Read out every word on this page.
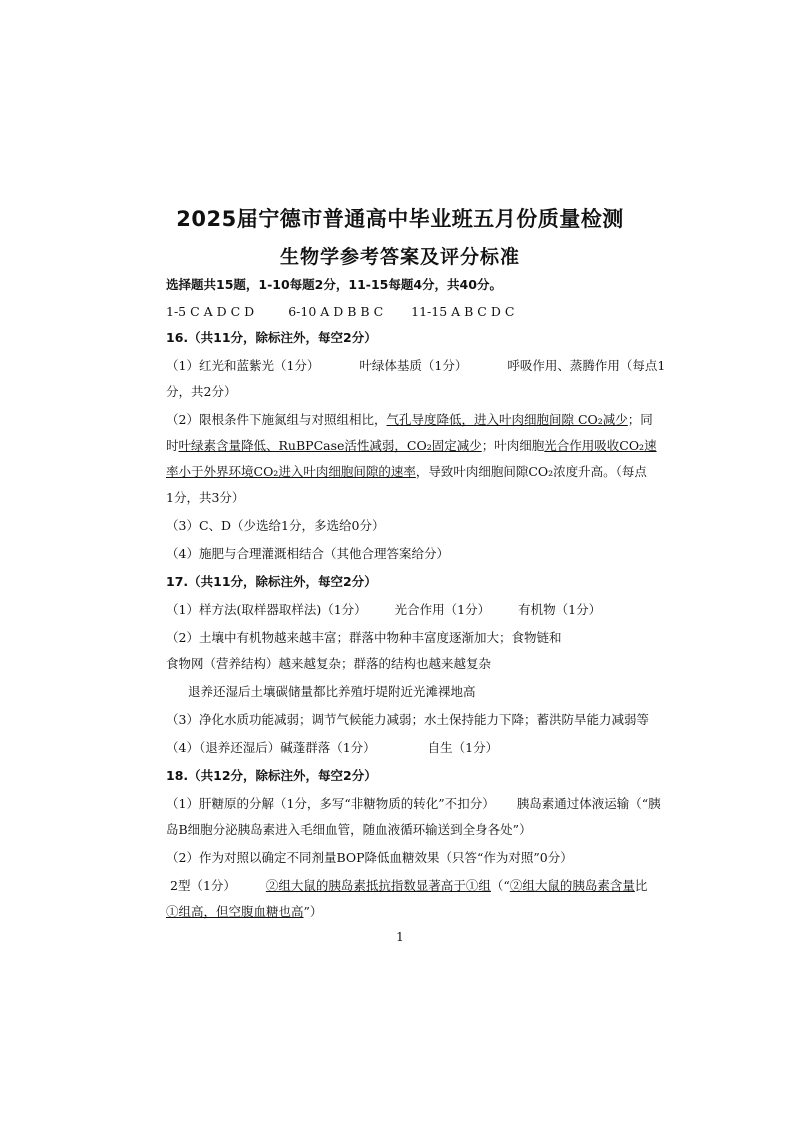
2025届宁德市普通高中毕业班五月份质量检测
生物学参考答案及评分标准
选择题共15题，1-10每题2分，11-15每题4分，共40分。
1-5 C A D C D	6-10 A D B B C 11-15 A B C D C
16.（共11分，除标注外，每空2分）
（1）红光和蓝紫光（1分）	叶绿体基质（1分）	呼吸作用、蒸腾作用（每点1
分，共2分）
（2）限根条件下施氮组与对照组相比，气孔导度降低，进入叶肉细胞间隙 CO₂减少；同
时叶绿素含量降低、RuBPCase活性减弱，CO₂固定减少；叶肉细胞光合作用吸收CO₂速
率小于外界环境CO₂进入叶肉细胞间隙的速率，导致叶肉细胞间隙CO₂浓度升高。（每点
1分，共3分）
（3）C、D（少选给1分，多选给0分）
（4）施肥与合理灌溉相结合（其他合理答案给分）
17.（共11分，除标注外，每空2分）
（1）样方法(取样器取样法)（1分） 光合作用（1分） 有机物（1分）
（2）土壤中有机物越来越丰富；群落中物种丰富度逐渐加大；食物链和
食物网（营养结构）越来越复杂；群落的结构也越来越复杂
退养还湿后土壤碳储量都比养殖圩堤附近光滩裸地高
（3）净化水质功能减弱；调节气候能力减弱；水土保持能力下降；蓄洪防旱能力减弱等
（4）（退养还湿后）碱蓬群落（1分）	自生（1分）
18.（共12分，除标注外，每空2分）
（1）肝糖原的分解（1分，多写“非糖物质的转化”不扣分） 胰岛素通过体液运输（“胰
岛B细胞分泌胰岛素进入毛细血管，随血液循环输送到全身各处”）
（2）作为对照以确定不同剂量BOP降低血糖效果（只答“作为对照”0分）
2型（1分） ②组大鼠的胰岛素抵抗指数显著高于①组（“②组大鼠的胰岛素含量比
①组高，但空腹血糖也高”）
1
